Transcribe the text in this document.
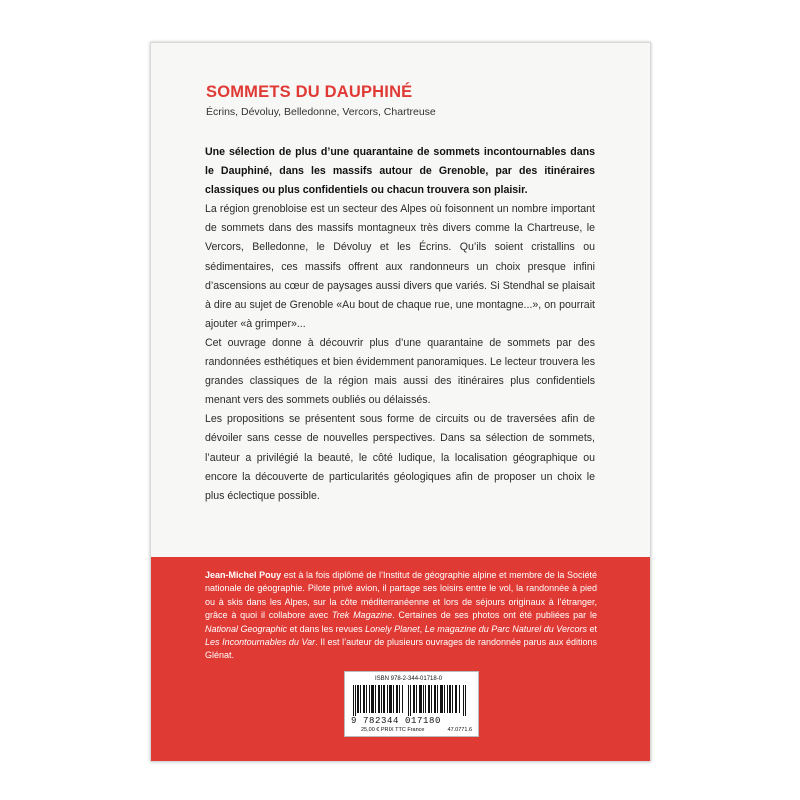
SOMMETS DU DAUPHINÉ

Écrins, Dévoluy, Belledonne, Vercors, Chartreuse

Une sélection de plus d’une quarantaine de sommets incontournables dans le Dauphiné, dans les massifs autour de Grenoble, par des itinéraires classiques ou plus confidentiels ou chacun trouvera son plaisir.

La région grenobloise est un secteur des Alpes où foisonnent un nombre important de sommets dans des massifs montagneux très divers comme la Chartreuse, le Vercors, Belledonne, le Dévoluy et les Écrins. Qu’ils soient cristallins ou sédimentaires, ces massifs offrent aux randonneurs un choix presque infini d’ascensions au cœur de paysages aussi divers que variés. Si Stendhal se plaisait à dire au sujet de Grenoble «Au bout de chaque rue, une montagne...», on pourrait ajouter «à grimper»...

Cet ouvrage donne à découvrir plus d’une quarantaine de sommets par des randonnées esthétiques et bien évidemment panoramiques. Le lecteur trouvera les grandes classiques de la région mais aussi des itinéraires plus confidentiels menant vers des sommets oubliés ou délaissés.

Les propositions se présentent sous forme de circuits ou de traversées afin de dévoiler sans cesse de nouvelles perspectives. Dans sa sélection de sommets, l’auteur a privilégié la beauté, le côté ludique, la localisation géographique ou encore la découverte de particularités géologiques afin de proposer un choix le plus éclectique possible.

Jean-Michel Pouy est à la fois diplômé de l’Institut de géographie alpine et membre de la Société nationale de géographie. Pilote privé avion, il partage ses loisirs entre le vol, la randonnée à pied ou à skis dans les Alpes, sur la côte méditerranéenne et lors de séjours originaux à l’étranger, grâce à quoi il collabore avec Trek Magazine. Certaines de ses photos ont été publiées par le National Geographic et dans les revues Lonely Planet, Le magazine du Parc Naturel du Vercors et Les Incontournables du Var. Il est l’auteur de plusieurs ouvrages de randonnée parus aux éditions Glénat.
ISBN 978-2-344-01718-0
9 782344 017180
25,00 € PRIX TTC France	47.0771.6
